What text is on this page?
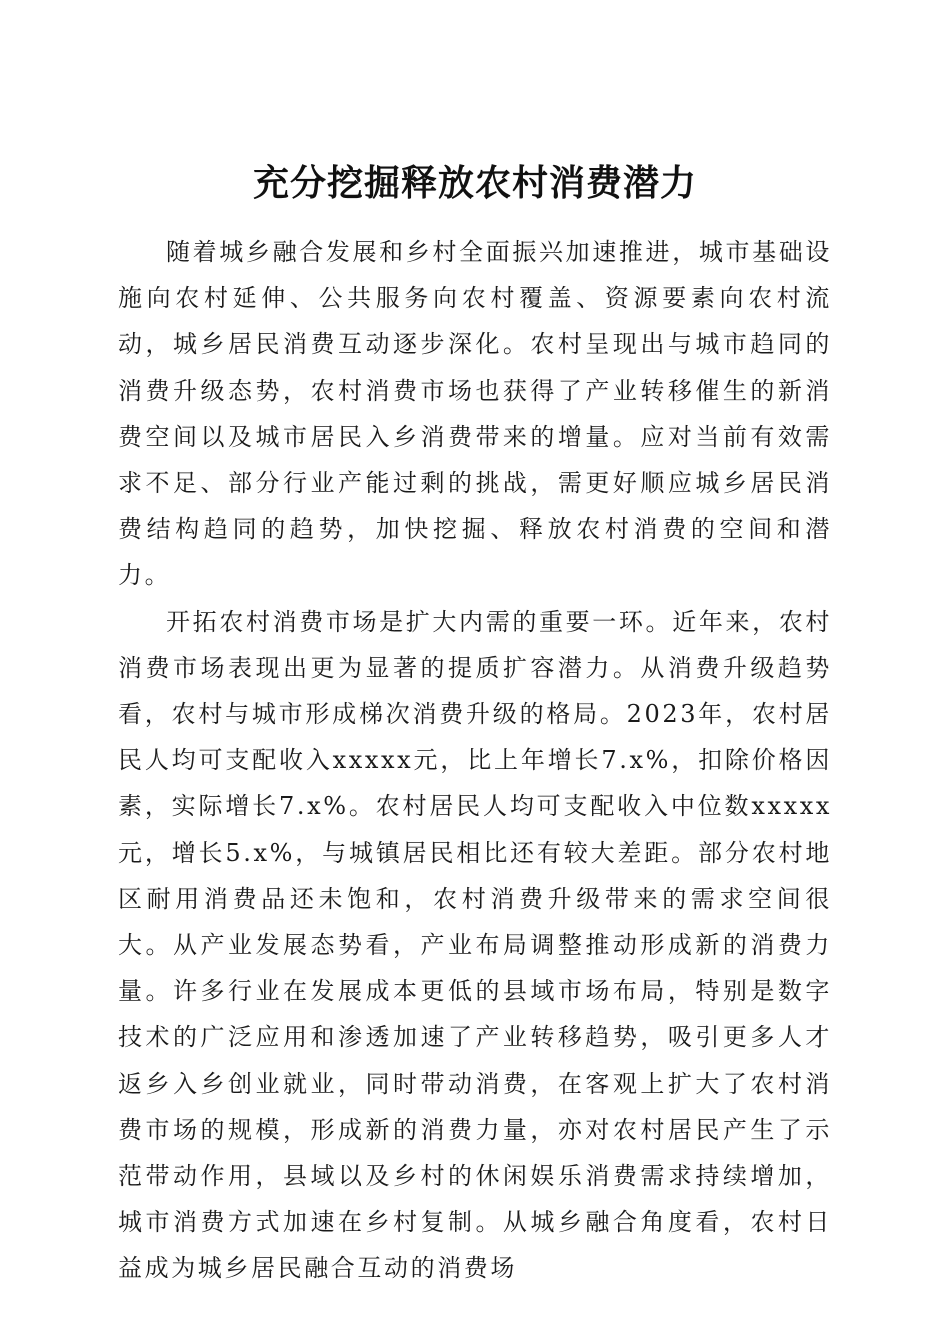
充分挖掘释放农村消费潜力

随着城乡融合发展和乡村全面振兴加速推进，城市基础设施向农村延伸、公共服务向农村覆盖、资源要素向农村流动，城乡居民消费互动逐步深化。农村呈现出与城市趋同的消费升级态势，农村消费市场也获得了产业转移催生的新消费空间以及城市居民入乡消费带来的增量。应对当前有效需求不足、部分行业产能过剩的挑战，需更好顺应城乡居民消费结构趋同的趋势，加快挖掘、释放农村消费的空间和潜力。

开拓农村消费市场是扩大内需的重要一环。近年来，农村消费市场表现出更为显著的提质扩容潜力。从消费升级趋势看，农村与城市形成梯次消费升级的格局。2023年，农村居民人均可支配收入xxxxx元，比上年增长7.x%，扣除价格因素，实际增长7.x%。农村居民人均可支配收入中位数xxxxx元，增长5.x%，与城镇居民相比还有较大差距。部分农村地区耐用消费品还未饱和，农村消费升级带来的需求空间很大。从产业发展态势看，产业布局调整推动形成新的消费力量。许多行业在发展成本更低的县域市场布局，特别是数字技术的广泛应用和渗透加速了产业转移趋势，吸引更多人才返乡入乡创业就业，同时带动消费，在客观上扩大了农村消费市场的规模，形成新的消费力量，亦对农村居民产生了示范带动作用，县域以及乡村的休闲娱乐消费需求持续增加，城市消费方式加速在乡村复制。从城乡融合角度看，农村日益成为城乡居民融合互动的消费场
